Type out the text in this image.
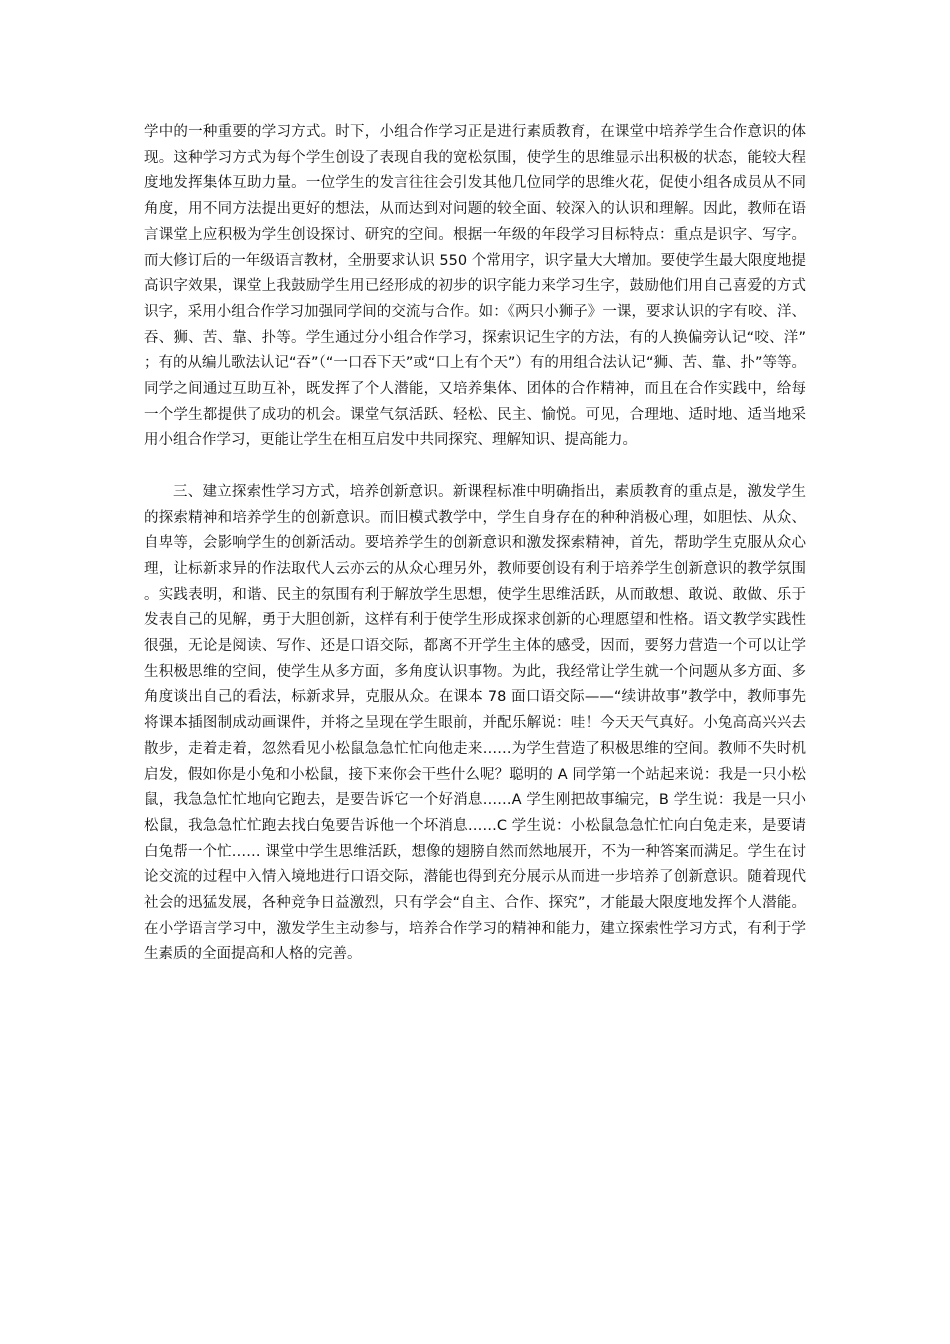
学中的一种重要的学习方式。时下，小组合作学习正是进行素质教育，在课堂中培养学生合作意识的体现。这种学习方式为每个学生创设了表现自我的宽松氛围，使学生的思维显示出积极的状态，能较大程度地发挥集体互助力量。一位学生的发言往往会引发其他几位同学的思维火花，促使小组各成员从不同角度，用不同方法提出更好的想法，从而达到对问题的较全面、较深入的认识和理解。因此，教师在语言课堂上应积极为学生创设探讨、研究的空间。根据一年级的年段学习目标特点：重点是识字、写字。而大修订后的一年级语言教材，全册要求认识 550 个常用字，识字量大大增加。要使学生最大限度地提高识字效果，课堂上我鼓励学生用已经形成的初步的识字能力来学习生字，鼓励他们用自己喜爱的方式识字，采用小组合作学习加强同学间的交流与合作。如：《两只小狮子》一课，要求认识的字有咬、洋、吞、狮、苦、靠、扑等。学生通过分小组合作学习，探索识记生字的方法，有的人换偏旁认记“咬、洋”；有的从编儿歌法认记“吞”（“一口吞下天”或“口上有个天”）有的用组合法认记“狮、苦、靠、扑”等等。同学之间通过互助互补，既发挥了个人潜能，又培养集体、团体的合作精神，而且在合作实践中，给每一个学生都提供了成功的机会。课堂气氛活跃、轻松、民主、愉悦。可见，合理地、适时地、适当地采用小组合作学习，更能让学生在相互启发中共同探究、理解知识、提高能力。

三、建立探索性学习方式，培养创新意识。新课程标准中明确指出，素质教育的重点是，激发学生的探索精神和培养学生的创新意识。而旧模式教学中，学生自身存在的种种消极心理，如胆怯、从众、自卑等，会影响学生的创新活动。要培养学生的创新意识和激发探索精神，首先，帮助学生克服从众心理，让标新求异的作法取代人云亦云的从众心理另外，教师要创设有利于培养学生创新意识的教学氛围。实践表明，和谐、民主的氛围有利于解放学生思想，使学生思维活跃，从而敢想、敢说、敢做、乐于发表自己的见解，勇于大胆创新，这样有利于使学生形成探求创新的心理愿望和性格。语文教学实践性很强，无论是阅读、写作、还是口语交际，都离不开学生主体的感受，因而，要努力营造一个可以让学生积极思维的空间，使学生从多方面，多角度认识事物。为此，我经常让学生就一个问题从多方面、多角度谈出自己的看法，标新求异，克服从众。在课本 78 面口语交际——“续讲故事”教学中，教师事先将课本插图制成动画课件，并将之呈现在学生眼前，并配乐解说：哇！今天天气真好。小兔高高兴兴去散步，走着走着，忽然看见小松鼠急急忙忙向他走来……为学生营造了积极思维的空间。教师不失时机启发，假如你是小兔和小松鼠，接下来你会干些什么呢？聪明的 A 同学第一个站起来说：我是一只小松鼠，我急急忙忙地向它跑去，是要告诉它一个好消息……A 学生刚把故事编完，B 学生说：我是一只小松鼠，我急急忙忙跑去找白兔要告诉他一个坏消息……C 学生说：小松鼠急急忙忙向白兔走来，是要请白兔帮一个忙…… 课堂中学生思维活跃，想像的翅膀自然而然地展开，不为一种答案而满足。学生在讨论交流的过程中入情入境地进行口语交际，潜能也得到充分展示从而进一步培养了创新意识。随着现代社会的迅猛发展，各种竞争日益激烈，只有学会“自主、合作、探究”，才能最大限度地发挥个人潜能。在小学语言学习中，激发学生主动参与，培养合作学习的精神和能力，建立探索性学习方式，有利于学生素质的全面提高和人格的完善。
